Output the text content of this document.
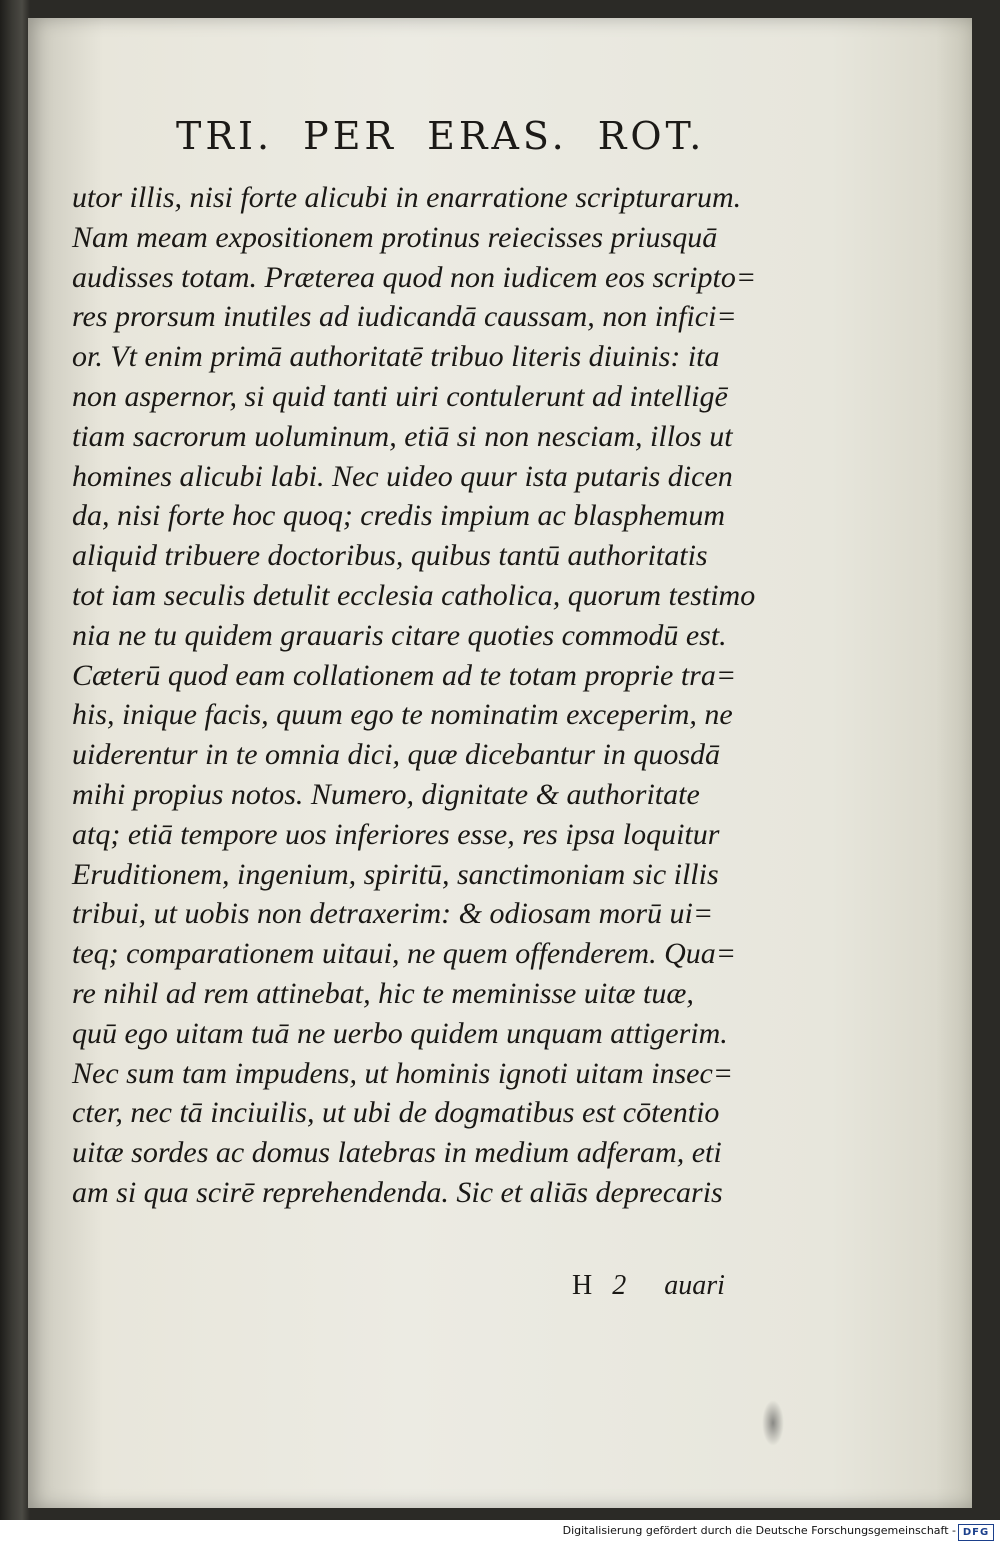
TRI. PER ERAS. ROT.
utor illis, nisi forte alicubi in enarratione scripturarum.
Nam meam expositionem protinus reiecisses priusquā
audisses totam. Præterea quod non iudicem eos scripto=
res prorsum inutiles ad iudicandā caussam, non infici=
or. Vt enim primā authoritatē tribuo literis diuinis: ita
non aspernor, si quid tanti uiri contulerunt ad intelligē
tiam sacrorum uoluminum, etiā si non nesciam, illos ut
homines alicubi labi. Nec uideo quur ista putaris dicen
da, nisi forte hoc quoq; credis impium ac blasphemum
aliquid tribuere doctoribus, quibus tantū authoritatis
tot iam seculis detulit ecclesia catholica, quorum testimo
nia ne tu quidem grauaris citare quoties commodū est.
Cæterū quod eam collationem ad te totam proprie tra=
his, inique facis, quum ego te nominatim exceperim, ne
uiderentur in te omnia dici, quæ dicebantur in quosdā
mihi propius notos. Numero, dignitate & authoritate
atq; etiā tempore uos inferiores esse, res ipsa loquitur
Eruditionem, ingenium, spiritū, sanctimoniam sic illis
tribui, ut uobis non detraxerim: & odiosam morū ui=
teq; comparationem uitaui, ne quem offenderem. Qua=
re nihil ad rem attinebat, hic te meminisse uitæ tuæ,
quū ego uitam tuā ne uerbo quidem unquam attigerim.
Nec sum tam impudens, ut hominis ignoti uitam insec=
cter, nec tā inciuilis, ut ubi de dogmatibus est cōtentio
uitæ sordes ac domus latebras in medium adferam, eti
am si qua scirē reprehendenda. Sic et aliās deprecaris
H 2 auari
Digitalisierung gefördert durch die Deutsche Forschungsgemeinschaft - DFG
